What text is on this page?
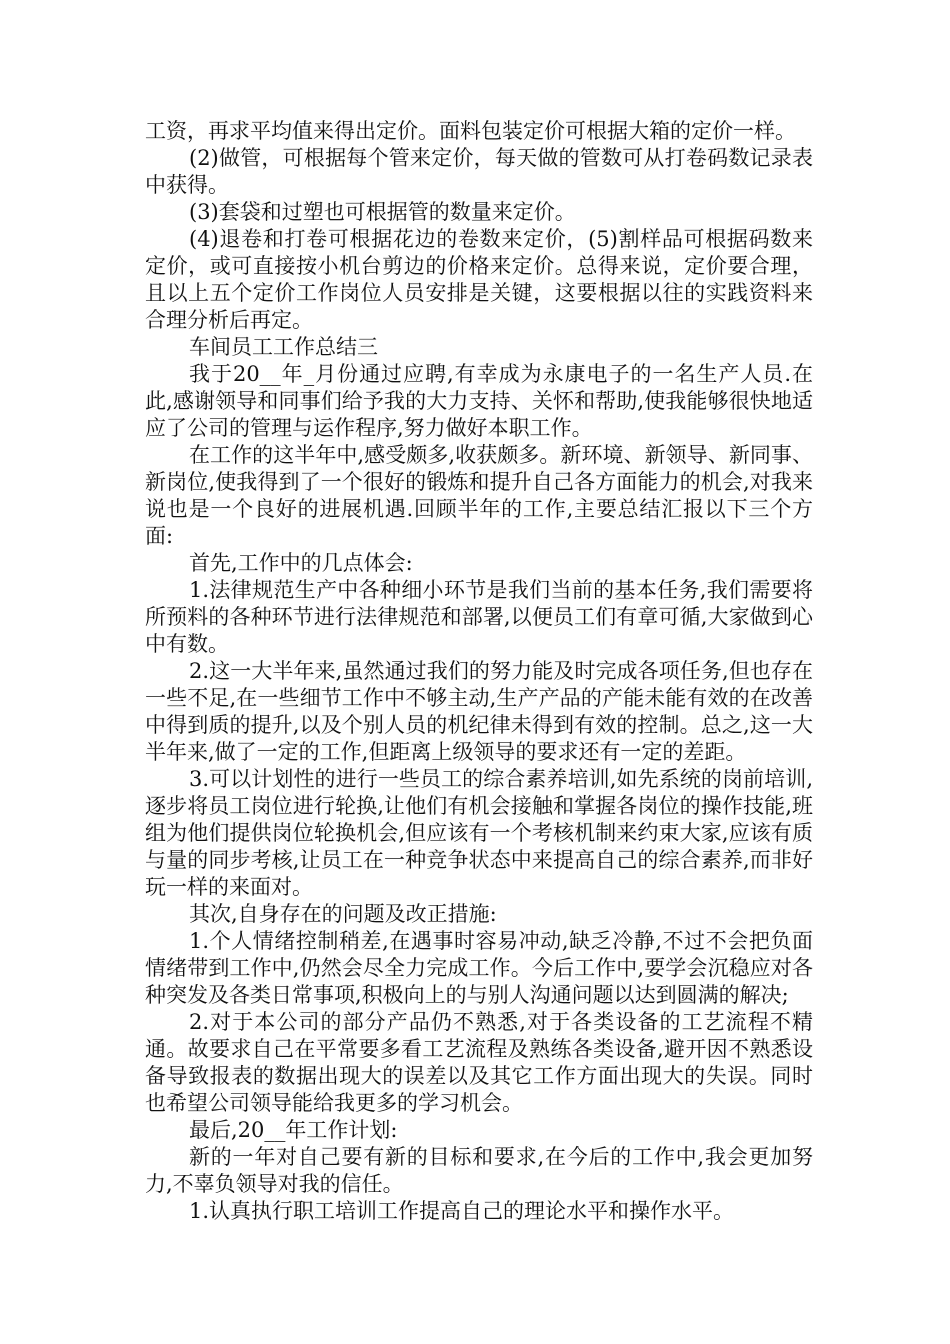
工资，再求平均值来得出定价。面料包装定价可根据大箱的定价一样。

(2)做管，可根据每个管来定价，每天做的管数可从打卷码数记录表中获得。

(3)套袋和过塑也可根据管的数量来定价。

(4)退卷和打卷可根据花边的卷数来定价，(5)割样品可根据码数来定价，或可直接按小机台剪边的价格来定价。总得来说，定价要合理，且以上五个定价工作岗位人员安排是关键，这要根据以往的实践资料来合理分析后再定。

车间员工工作总结三

我于20__年_月份通过应聘,有幸成为永康电子的一名生产人员.在此,感谢领导和同事们给予我的大力支持、关怀和帮助,使我能够很快地适应了公司的管理与运作程序,努力做好本职工作。

在工作的这半年中,感受颇多,收获颇多。新环境、新领导、新同事、新岗位,使我得到了一个很好的锻炼和提升自己各方面能力的机会,对我来说也是一个良好的进展机遇.回顾半年的工作,主要总结汇报以下三个方面:

首先,工作中的几点体会:

1.法律规范生产中各种细小环节是我们当前的基本任务,我们需要将所预料的各种环节进行法律规范和部署,以便员工们有章可循,大家做到心中有数。

2.这一大半年来,虽然通过我们的努力能及时完成各项任务,但也存在一些不足,在一些细节工作中不够主动,生产产品的产能未能有效的在改善中得到质的提升,以及个别人员的机纪律未得到有效的控制。总之,这一大半年来,做了一定的工作,但距离上级领导的要求还有一定的差距。

3.可以计划性的进行一些员工的综合素养培训,如先系统的岗前培训,逐步将员工岗位进行轮换,让他们有机会接触和掌握各岗位的操作技能,班组为他们提供岗位轮换机会,但应该有一个考核机制来约束大家,应该有质与量的同步考核,让员工在一种竞争状态中来提高自己的综合素养,而非好玩一样的来面对。

其次,自身存在的问题及改正措施:

1.个人情绪控制稍差,在遇事时容易冲动,缺乏冷静,不过不会把负面情绪带到工作中,仍然会尽全力完成工作。今后工作中,要学会沉稳应对各种突发及各类日常事项,积极向上的与别人沟通问题以达到圆满的解决;

2.对于本公司的部分产品仍不熟悉,对于各类设备的工艺流程不精通。故要求自己在平常要多看工艺流程及熟练各类设备,避开因不熟悉设备导致报表的数据出现大的误差以及其它工作方面出现大的失误。同时也希望公司领导能给我更多的学习机会。

最后,20__年工作计划:

新的一年对自己要有新的目标和要求,在今后的工作中,我会更加努力,不辜负领导对我的信任。

1.认真执行职工培训工作提高自己的理论水平和操作水平。
